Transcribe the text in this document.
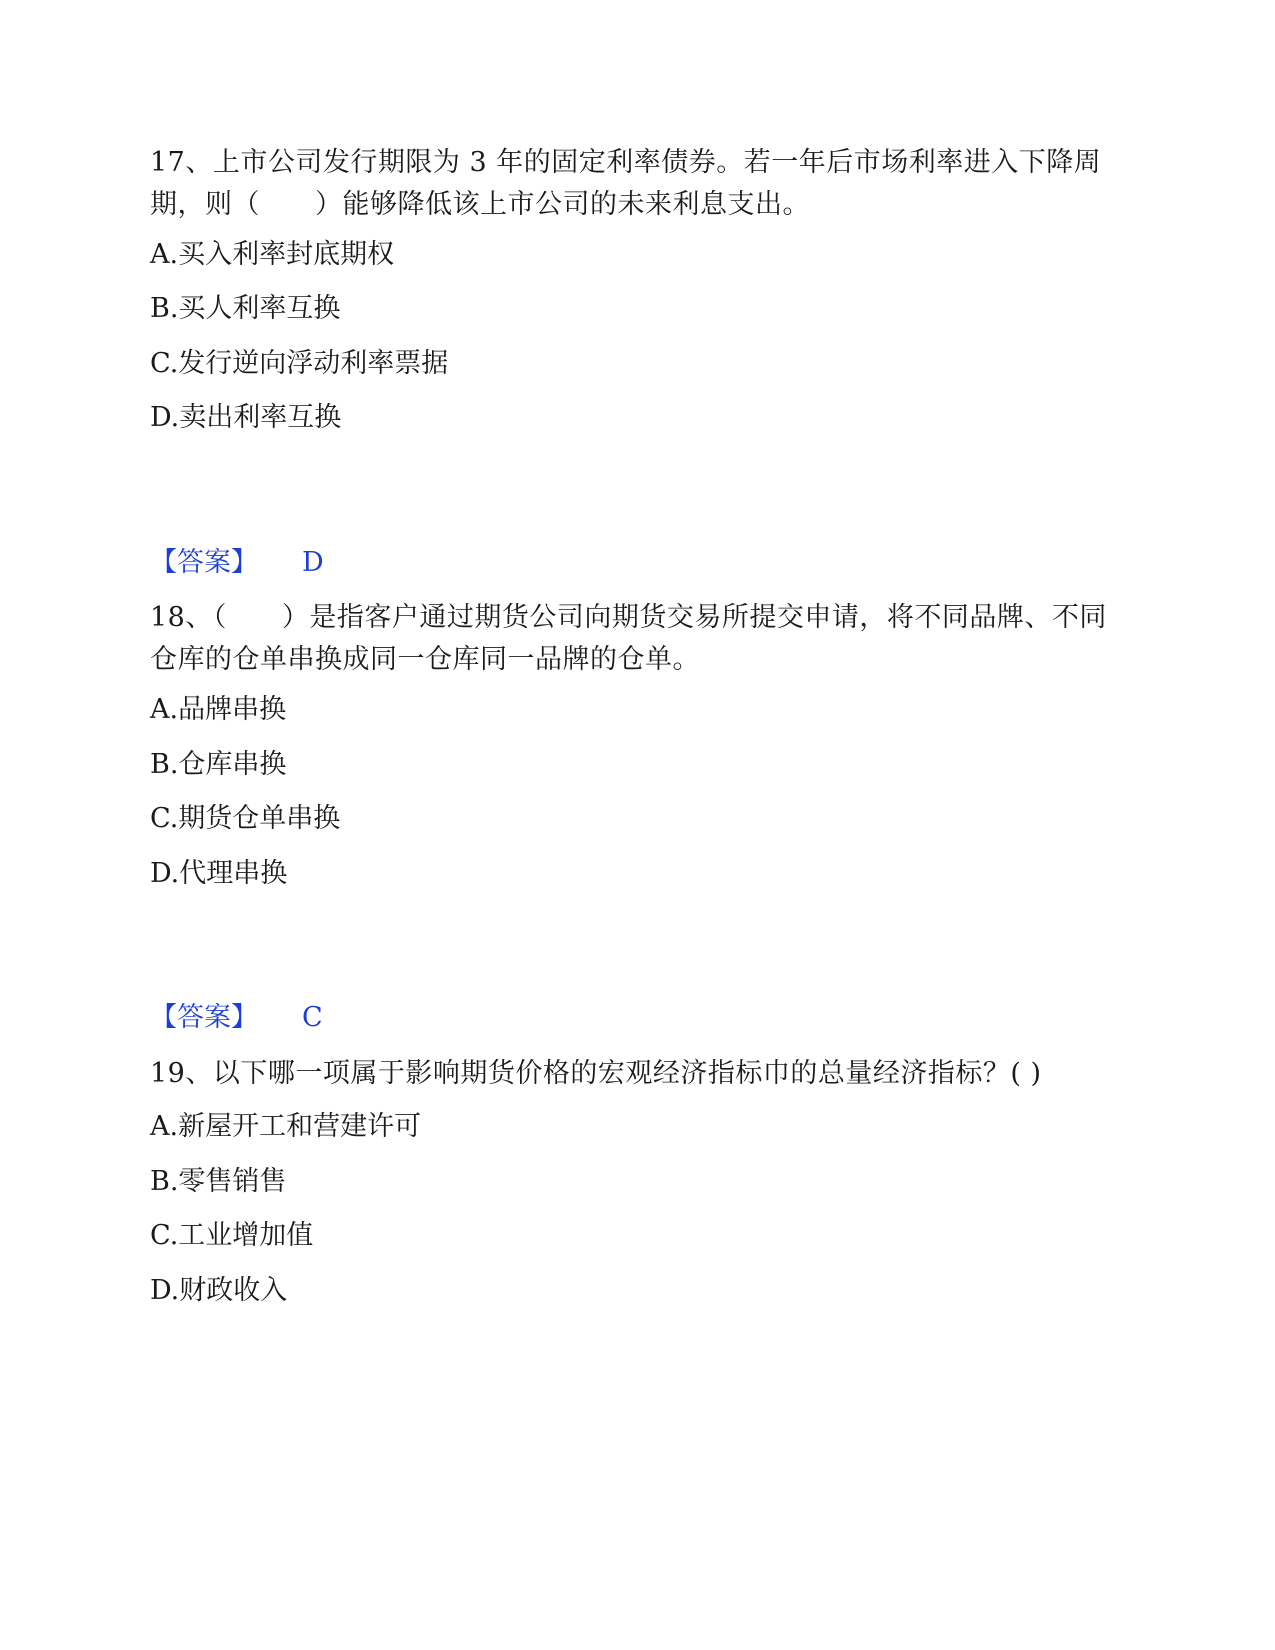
17、上市公司发行期限为 3 年的固定利率债券。若一年后市场利率进入下降周期，则（　　）能够降低该上市公司的未来利息支出。

A.买入利率封底期权

B.买人利率互换

C.发行逆向浮动利率票据

D.卖出利率互换

【答案】 D

18、（　　）是指客户通过期货公司向期货交易所提交申请，将不同品牌、不同仓库的仓单串换成同一仓库同一品牌的仓单。

A.品牌串换

B.仓库串换

C.期货仓单串换

D.代理串换

【答案】 C

19、以下哪一项属于影响期货价格的宏观经济指标巾的总量经济指标？( )

A.新屋开工和营建许可

B.零售销售

C.工业增加值

D.财政收入
